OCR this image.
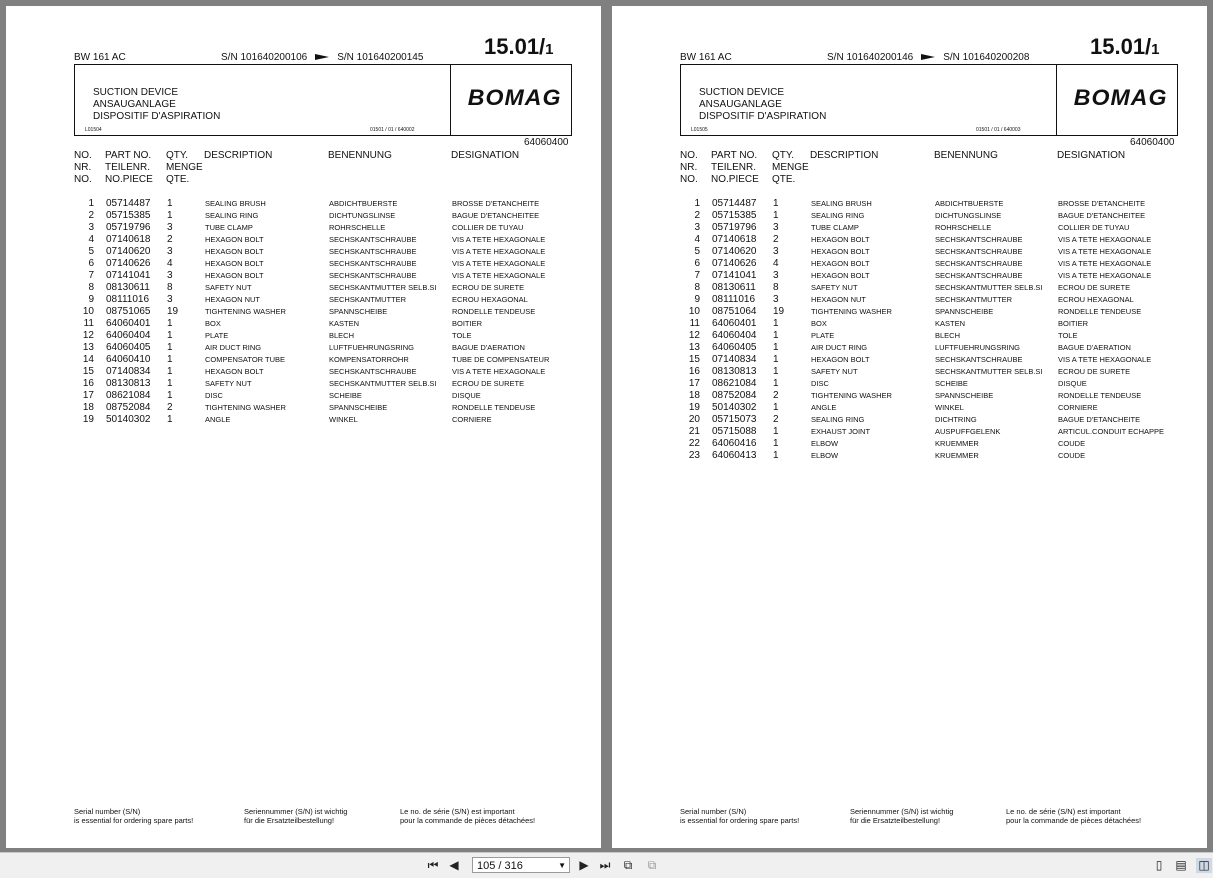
BW 161 AC	S/N 101640200106	S/N 101640200145	15.01/1
SUCTION DEVICE
ANSAUGANLAGE
DISPOSITIF D'ASPIRATION
L01504	01501 / 01 / 640002
BOMAG
64060400
NO.
NR.
NO.
PART NO.
TEILENR.
NO.PIECE
QTY.
MENGE
QTE.
DESCRIPTION	BENENNUNG	DESIGNATION
1	05714487	1	SEALING BRUSH	ABDICHTBUERSTE	BROSSE D'ETANCHEITE
2	05715385	1	SEALING RING	DICHTUNGSLINSE	BAGUE D'ETANCHEITEE
3	05719796	3	TUBE CLAMP	ROHRSCHELLE	COLLIER DE TUYAU
4	07140618	2	HEXAGON BOLT	SECHSKANTSCHRAUBE	VIS A TETE HEXAGONALE
5	07140620	3	HEXAGON BOLT	SECHSKANTSCHRAUBE	VIS A TETE HEXAGONALE
6	07140626	4	HEXAGON BOLT	SECHSKANTSCHRAUBE	VIS A TETE HEXAGONALE
7	07141041	3	HEXAGON BOLT	SECHSKANTSCHRAUBE	VIS A TETE HEXAGONALE
8	08130611	8	SAFETY NUT	SECHSKANTMUTTER SELB.SI	ECROU DE SURETE
9	08111016	3	HEXAGON NUT	SECHSKANTMUTTER	ECROU HEXAGONAL
10	08751065	19	TIGHTENING WASHER	SPANNSCHEIBE	RONDELLE TENDEUSE
11	64060401	1	BOX	KASTEN	BOITIER
12	64060404	1	PLATE	BLECH	TOLE
13	64060405	1	AIR DUCT RING	LUFTFUEHRUNGSRING	BAGUE D'AERATION
14	64060410	1	COMPENSATOR TUBE	KOMPENSATORROHR	TUBE DE COMPENSATEUR
15	07140834	1	HEXAGON BOLT	SECHSKANTSCHRAUBE	VIS A TETE HEXAGONALE
16	08130813	1	SAFETY NUT	SECHSKANTMUTTER SELB.SI	ECROU DE SURETE
17	08621084	1	DISC	SCHEIBE	DISQUE
18	08752084	2	TIGHTENING WASHER	SPANNSCHEIBE	RONDELLE TENDEUSE
19	50140302	1	ANGLE	WINKEL	CORNIERE
Serial number (S/N)
is essential for ordering spare parts!
Seriennummer (S/N) ist wichtig
für die Ersatzteilbestellung!
Le no. de série (S/N) est important
pour la commande de pièces détachées!
BW 161 AC	S/N 101640200146	S/N 101640200208	15.01/1
SUCTION DEVICE
ANSAUGANLAGE
DISPOSITIF D'ASPIRATION
L01505	01501 / 01 / 640003
BOMAG
64060400
NO.
NR.
NO.
PART NO.
TEILENR.
NO.PIECE
QTY.
MENGE
QTE.
DESCRIPTION	BENENNUNG	DESIGNATION
1	05714487	1	SEALING BRUSH	ABDICHTBUERSTE	BROSSE D'ETANCHEITE
2	05715385	1	SEALING RING	DICHTUNGSLINSE	BAGUE D'ETANCHEITEE
3	05719796	3	TUBE CLAMP	ROHRSCHELLE	COLLIER DE TUYAU
4	07140618	2	HEXAGON BOLT	SECHSKANTSCHRAUBE	VIS A TETE HEXAGONALE
5	07140620	3	HEXAGON BOLT	SECHSKANTSCHRAUBE	VIS A TETE HEXAGONALE
6	07140626	4	HEXAGON BOLT	SECHSKANTSCHRAUBE	VIS A TETE HEXAGONALE
7	07141041	3	HEXAGON BOLT	SECHSKANTSCHRAUBE	VIS A TETE HEXAGONALE
8	08130611	8	SAFETY NUT	SECHSKANTMUTTER SELB.SI	ECROU DE SURETE
9	08111016	3	HEXAGON NUT	SECHSKANTMUTTER	ECROU HEXAGONAL
10	08751064	19	TIGHTENING WASHER	SPANNSCHEIBE	RONDELLE TENDEUSE
11	64060401	1	BOX	KASTEN	BOITIER
12	64060404	1	PLATE	BLECH	TOLE
13	64060405	1	AIR DUCT RING	LUFTFUEHRUNGSRING	BAGUE D'AERATION
15	07140834	1	HEXAGON BOLT	SECHSKANTSCHRAUBE	VIS A TETE HEXAGONALE
16	08130813	1	SAFETY NUT	SECHSKANTMUTTER SELB.SI	ECROU DE SURETE
17	08621084	1	DISC	SCHEIBE	DISQUE
18	08752084	2	TIGHTENING WASHER	SPANNSCHEIBE	RONDELLE TENDEUSE
19	50140302	1	ANGLE	WINKEL	CORNIERE
20	05715073	2	SEALING RING	DICHTRING	BAGUE D'ETANCHEITE
21	05715088	1	EXHAUST JOINT	AUSPUFFGELENK	ARTICUL.CONDUIT ECHAPPE
22	64060416	1	ELBOW	KRUEMMER	COUDE
23	64060413	1	ELBOW	KRUEMMER	COUDE
Serial number (S/N)
is essential for ordering spare parts!
Seriennummer (S/N) ist wichtig
für die Ersatzteilbestellung!
Le no. de série (S/N) est important
pour la commande de pièces détachées!
⏮ ◀	105 / 316	▼ ▶ ⏭	⧉	⧉	▯	▤ ◫
